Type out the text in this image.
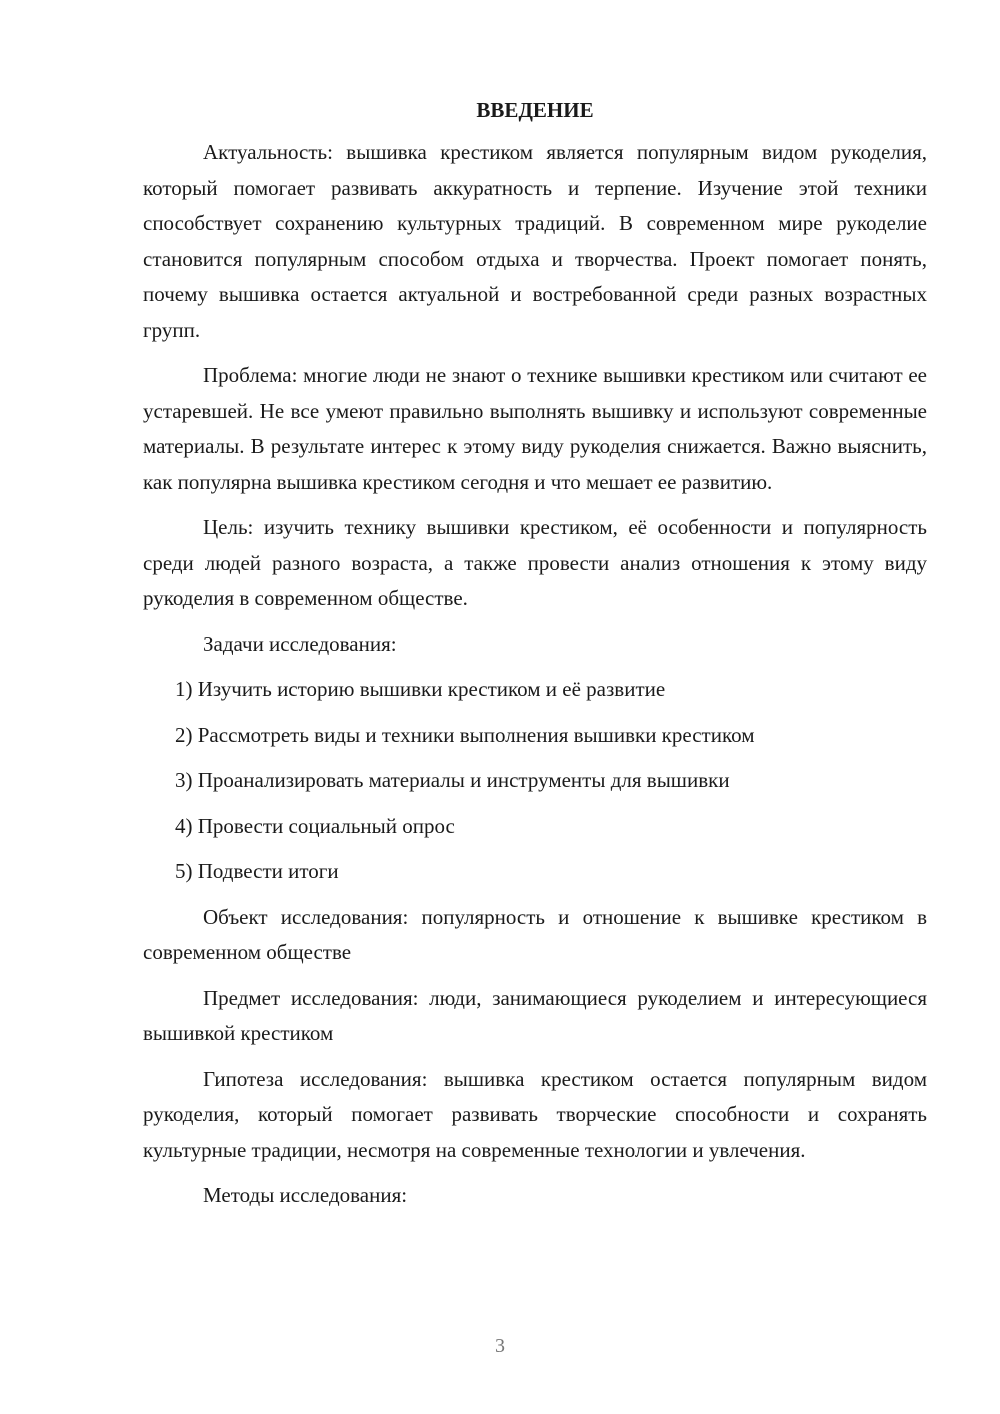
ВВЕДЕНИЕ

Актуальность: вышивка крестиком является популярным видом рукоделия, который помогает развивать аккуратность и терпение. Изучение этой техники способствует сохранению культурных традиций. В современном мире рукоделие становится популярным способом отдыха и творчества. Проект помогает понять, почему вышивка остается актуальной и востребованной среди разных возрастных групп.

Проблема: многие люди не знают о технике вышивки крестиком или считают ее устаревшей. Не все умеют правильно выполнять вышивку и используют современные материалы. В результате интерес к этому виду рукоделия снижается. Важно выяснить, как популярна вышивка крестиком сегодня и что мешает ее развитию.

Цель: изучить технику вышивки крестиком, её особенности и популярность среди людей разного возраста, а также провести анализ отношения к этому виду рукоделия в современном обществе.

Задачи исследования:

1) Изучить историю вышивки крестиком и её развитие
2) Рассмотреть виды и техники выполнения вышивки крестиком
3) Проанализировать материалы и инструменты для вышивки
4) Провести социальный опрос
5) Подвести итоги

Объект исследования: популярность и отношение к вышивке крестиком в современном обществе

Предмет исследования: люди, занимающиеся рукоделием и интересующиеся вышивкой крестиком

Гипотеза исследования: вышивка крестиком остается популярным видом рукоделия, который помогает развивать творческие способности и сохранять культурные традиции, несмотря на современные технологии и увлечения.

Методы исследования:

3
